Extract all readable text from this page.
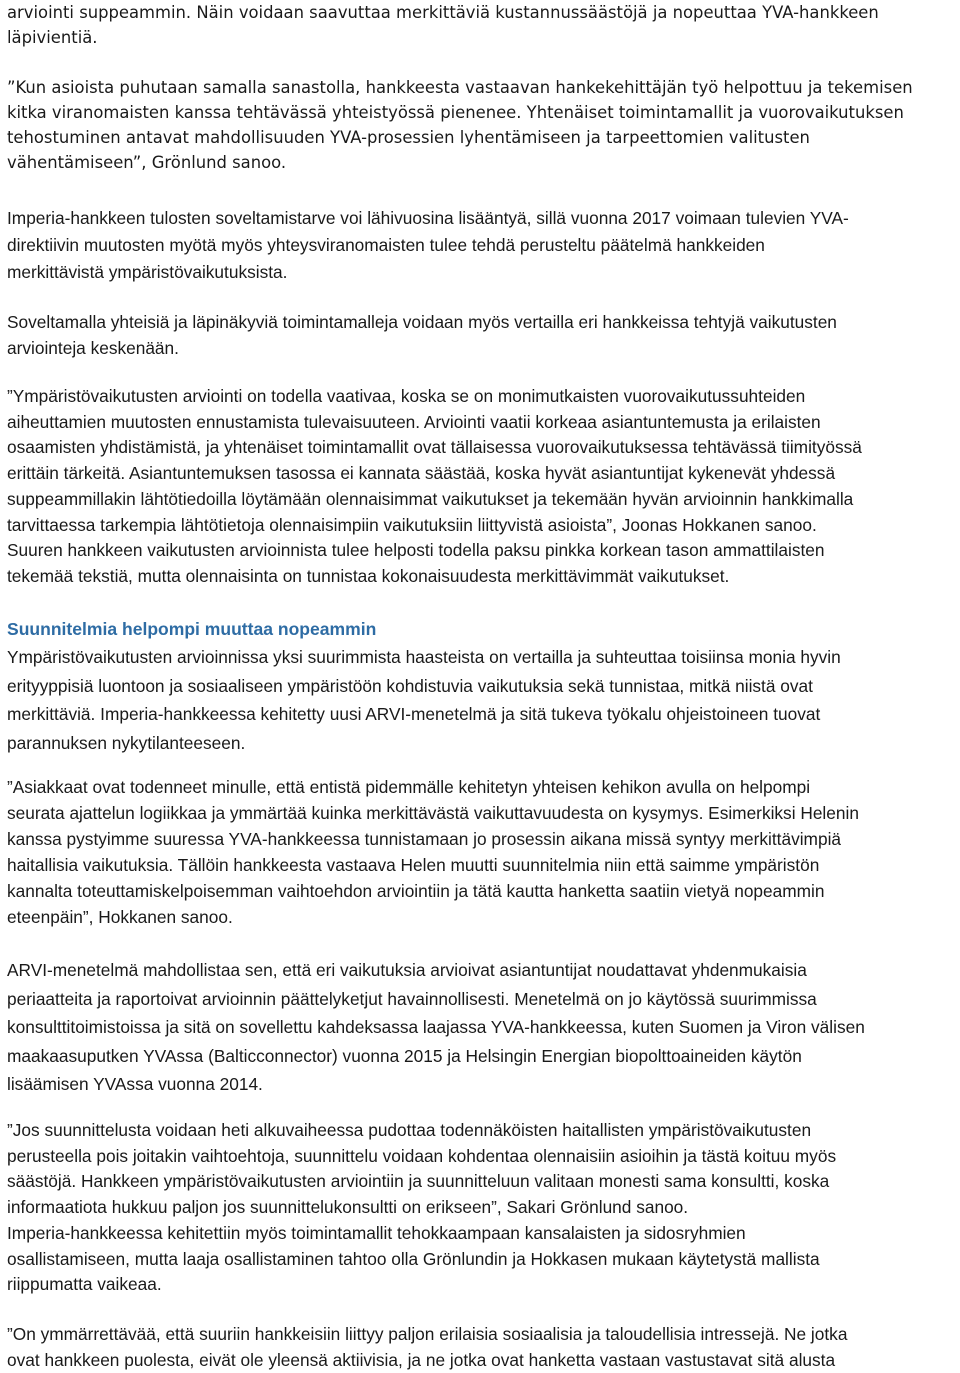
arviointi suppeammin. Näin voidaan saavuttaa merkittäviä kustannussäästöjä ja nopeuttaa YVA-hankkeen
läpivientiä.
”Kun asioista puhutaan samalla sanastolla, hankkeesta vastaavan hankekehittäjän työ helpottuu ja tekemisen
kitka viranomaisten kanssa tehtävässä yhteistyössä pienenee. Yhtenäiset toimintamallit ja vuorovaikutuksen
tehostuminen antavat mahdollisuuden YVA-prosessien lyhentämiseen ja tarpeettomien valitusten
vähentämiseen”, Grönlund sanoo.
Imperia-hankkeen tulosten soveltamistarve voi lähivuosina lisääntyä, sillä vuonna 2017 voimaan tulevien YVA-
direktiivin muutosten myötä myös yhteysviranomaisten tulee tehdä perusteltu päätelmä hankkeiden
merkittävistä ympäristövaikutuksista.
Soveltamalla yhteisiä ja läpinäkyviä toimintamalleja voidaan myös vertailla eri hankkeissa tehtyjä vaikutusten
arviointeja keskenään.
”Ympäristövaikutusten arviointi on todella vaativaa, koska se on monimutkaisten vuorovaikutussuhteiden
aiheuttamien muutosten ennustamista tulevaisuuteen. Arviointi vaatii korkeaa asiantuntemusta ja erilaisten
osaamisten yhdistämistä, ja yhtenäiset toimintamallit ovat tällaisessa vuorovaikutuksessa tehtävässä tiimityössä
erittäin tärkeitä. Asiantuntemuksen tasossa ei kannata säästää, koska hyvät asiantuntijat kykenevät yhdessä
suppeammillakin lähtötiedoilla löytämään olennaisimmat vaikutukset ja tekemään hyvän arvioinnin hankkimalla
tarvittaessa tarkempia lähtötietoja olennaisimpiin vaikutuksiin liittyvistä asioista”, Joonas Hokkanen sanoo.
Suuren hankkeen vaikutusten arvioinnista tulee helposti todella paksu pinkka korkean tason ammattilaisten
tekemää tekstiä, mutta olennaisinta on tunnistaa kokonaisuudesta merkittävimmät vaikutukset.
Suunnitelmia helpompi muuttaa nopeammin
Ympäristövaikutusten arvioinnissa yksi suurimmista haasteista on vertailla ja suhteuttaa toisiinsa monia hyvin
erityyppisiä luontoon ja sosiaaliseen ympäristöön kohdistuvia vaikutuksia sekä tunnistaa, mitkä niistä ovat
merkittäviä. Imperia-hankkeessa kehitetty uusi ARVI-menetelmä ja sitä tukeva työkalu ohjeistoineen tuovat
parannuksen nykytilanteeseen.
”Asiakkaat ovat todenneet minulle, että entistä pidemmälle kehitetyn yhteisen kehikon avulla on helpompi
seurata ajattelun logiikkaa ja ymmärtää kuinka merkittävästä vaikuttavuudesta on kysymys. Esimerkiksi Helenin
kanssa pystyimme suuressa YVA-hankkeessa tunnistamaan jo prosessin aikana missä syntyy merkittävimpiä
haitallisia vaikutuksia. Tällöin hankkeesta vastaava Helen muutti suunnitelmia niin että saimme ympäristön
kannalta toteuttamiskelpoisemman vaihtoehdon arviointiin ja tätä kautta hanketta saatiin vietyä nopeammin
eteenpäin”, Hokkanen sanoo.
ARVI-menetelmä mahdollistaa sen, että eri vaikutuksia arvioivat asiantuntijat noudattavat yhdenmukaisia
periaatteita ja raportoivat arvioinnin päättelyketjut havainnollisesti. Menetelmä on jo käytössä suurimmissa
konsulttitoimistoissa ja sitä on sovellettu kahdeksassa laajassa YVA-hankkeessa, kuten Suomen ja Viron välisen
maakaasuputken YVAssa (Balticconnector) vuonna 2015 ja Helsingin Energian biopolttoaineiden käytön
lisäämisen YVAssa vuonna 2014.
”Jos suunnittelusta voidaan heti alkuvaiheessa pudottaa todennäköisten haitallisten ympäristövaikutusten
perusteella pois joitakin vaihtoehtoja, suunnittelu voidaan kohdentaa olennaisiin asioihin ja tästä koituu myös
säästöjä. Hankkeen ympäristövaikutusten arviointiin ja suunnitteluun valitaan monesti sama konsultti, koska
informaatiota hukkuu paljon jos suunnittelukonsultti on erikseen”, Sakari Grönlund sanoo.
Imperia-hankkeessa kehitettiin myös toimintamallit tehokkaampaan kansalaisten ja sidosryhmien
osallistamiseen, mutta laaja osallistaminen tahtoo olla Grönlundin ja Hokkasen mukaan käytetystä mallista
riippumatta vaikeaa.
”On ymmärrettävää, että suuriin hankkeisiin liittyy paljon erilaisia sosiaalisia ja taloudellisia intressejä. Ne jotka
ovat hankkeen puolesta, eivät ole yleensä aktiivisia, ja ne jotka ovat hanketta vastaan vastustavat sitä alusta
